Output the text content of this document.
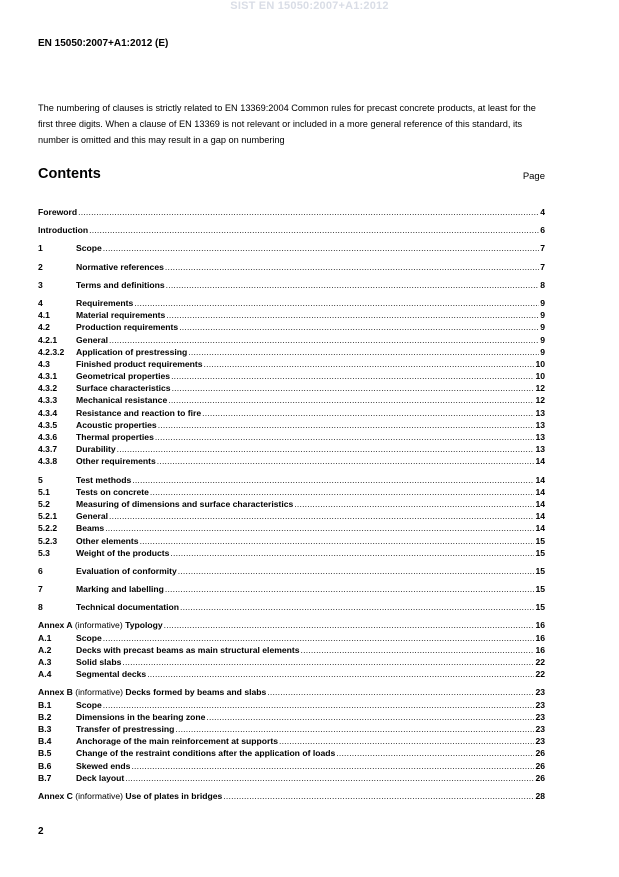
SIST EN 15050:2007+A1:2012
EN 15050:2007+A1:2012 (E)
The numbering of clauses is strictly related to EN 13369:2004 Common rules for precast concrete products, at least for the first three digits. When a clause of EN 13369 is not relevant or included in a more general reference of this standard, its number is omitted and this may result in a gap on numbering
Contents	Page
Foreword .....	4
Introduction .....	6
1	Scope .....	7
2	Normative references .....	7
3	Terms and definitions .....	8
4	Requirements .....	9
4.1	Material requirements .....	9
4.2	Production requirements .....	9
4.2.1	General .....	9
4.2.3.2	Application of prestressing .....	9
4.3	Finished product requirements .....	10
4.3.1	Geometrical properties .....	10
4.3.2	Surface characteristics .....	12
4.3.3	Mechanical resistance .....	12
4.3.4	Resistance and reaction to fire .....	13
4.3.5	Acoustic properties .....	13
4.3.6	Thermal properties .....	13
4.3.7	Durability .....	13
4.3.8	Other requirements .....	14
5	Test methods .....	14
5.1	Tests on concrete .....	14
5.2	Measuring of dimensions and surface characteristics .....	14
5.2.1	General .....	14
5.2.2	Beams .....	14
5.2.3	Other elements .....	15
5.3	Weight of the products .....	15
6	Evaluation of conformity .....	15
7	Marking and labelling .....	15
8	Technical documentation .....	15
Annex A (informative) Typology .....	16
A.1	Scope .....	16
A.2	Decks with precast beams as main structural elements .....	16
A.3	Solid slabs .....	22
A.4	Segmental decks .....	22
Annex B (informative) Decks formed by beams and slabs .....	23
B.1	Scope .....	23
B.2	Dimensions in the bearing zone .....	23
B.3	Transfer of prestressing .....	23
B.4	Anchorage of the main reinforcement at supports .....	23
B.5	Change of the restraint conditions after the application of loads .....	26
B.6	Skewed ends .....	26
B.7	Deck layout .....	26
Annex C (informative) Use of plates in bridges .....	28
2
